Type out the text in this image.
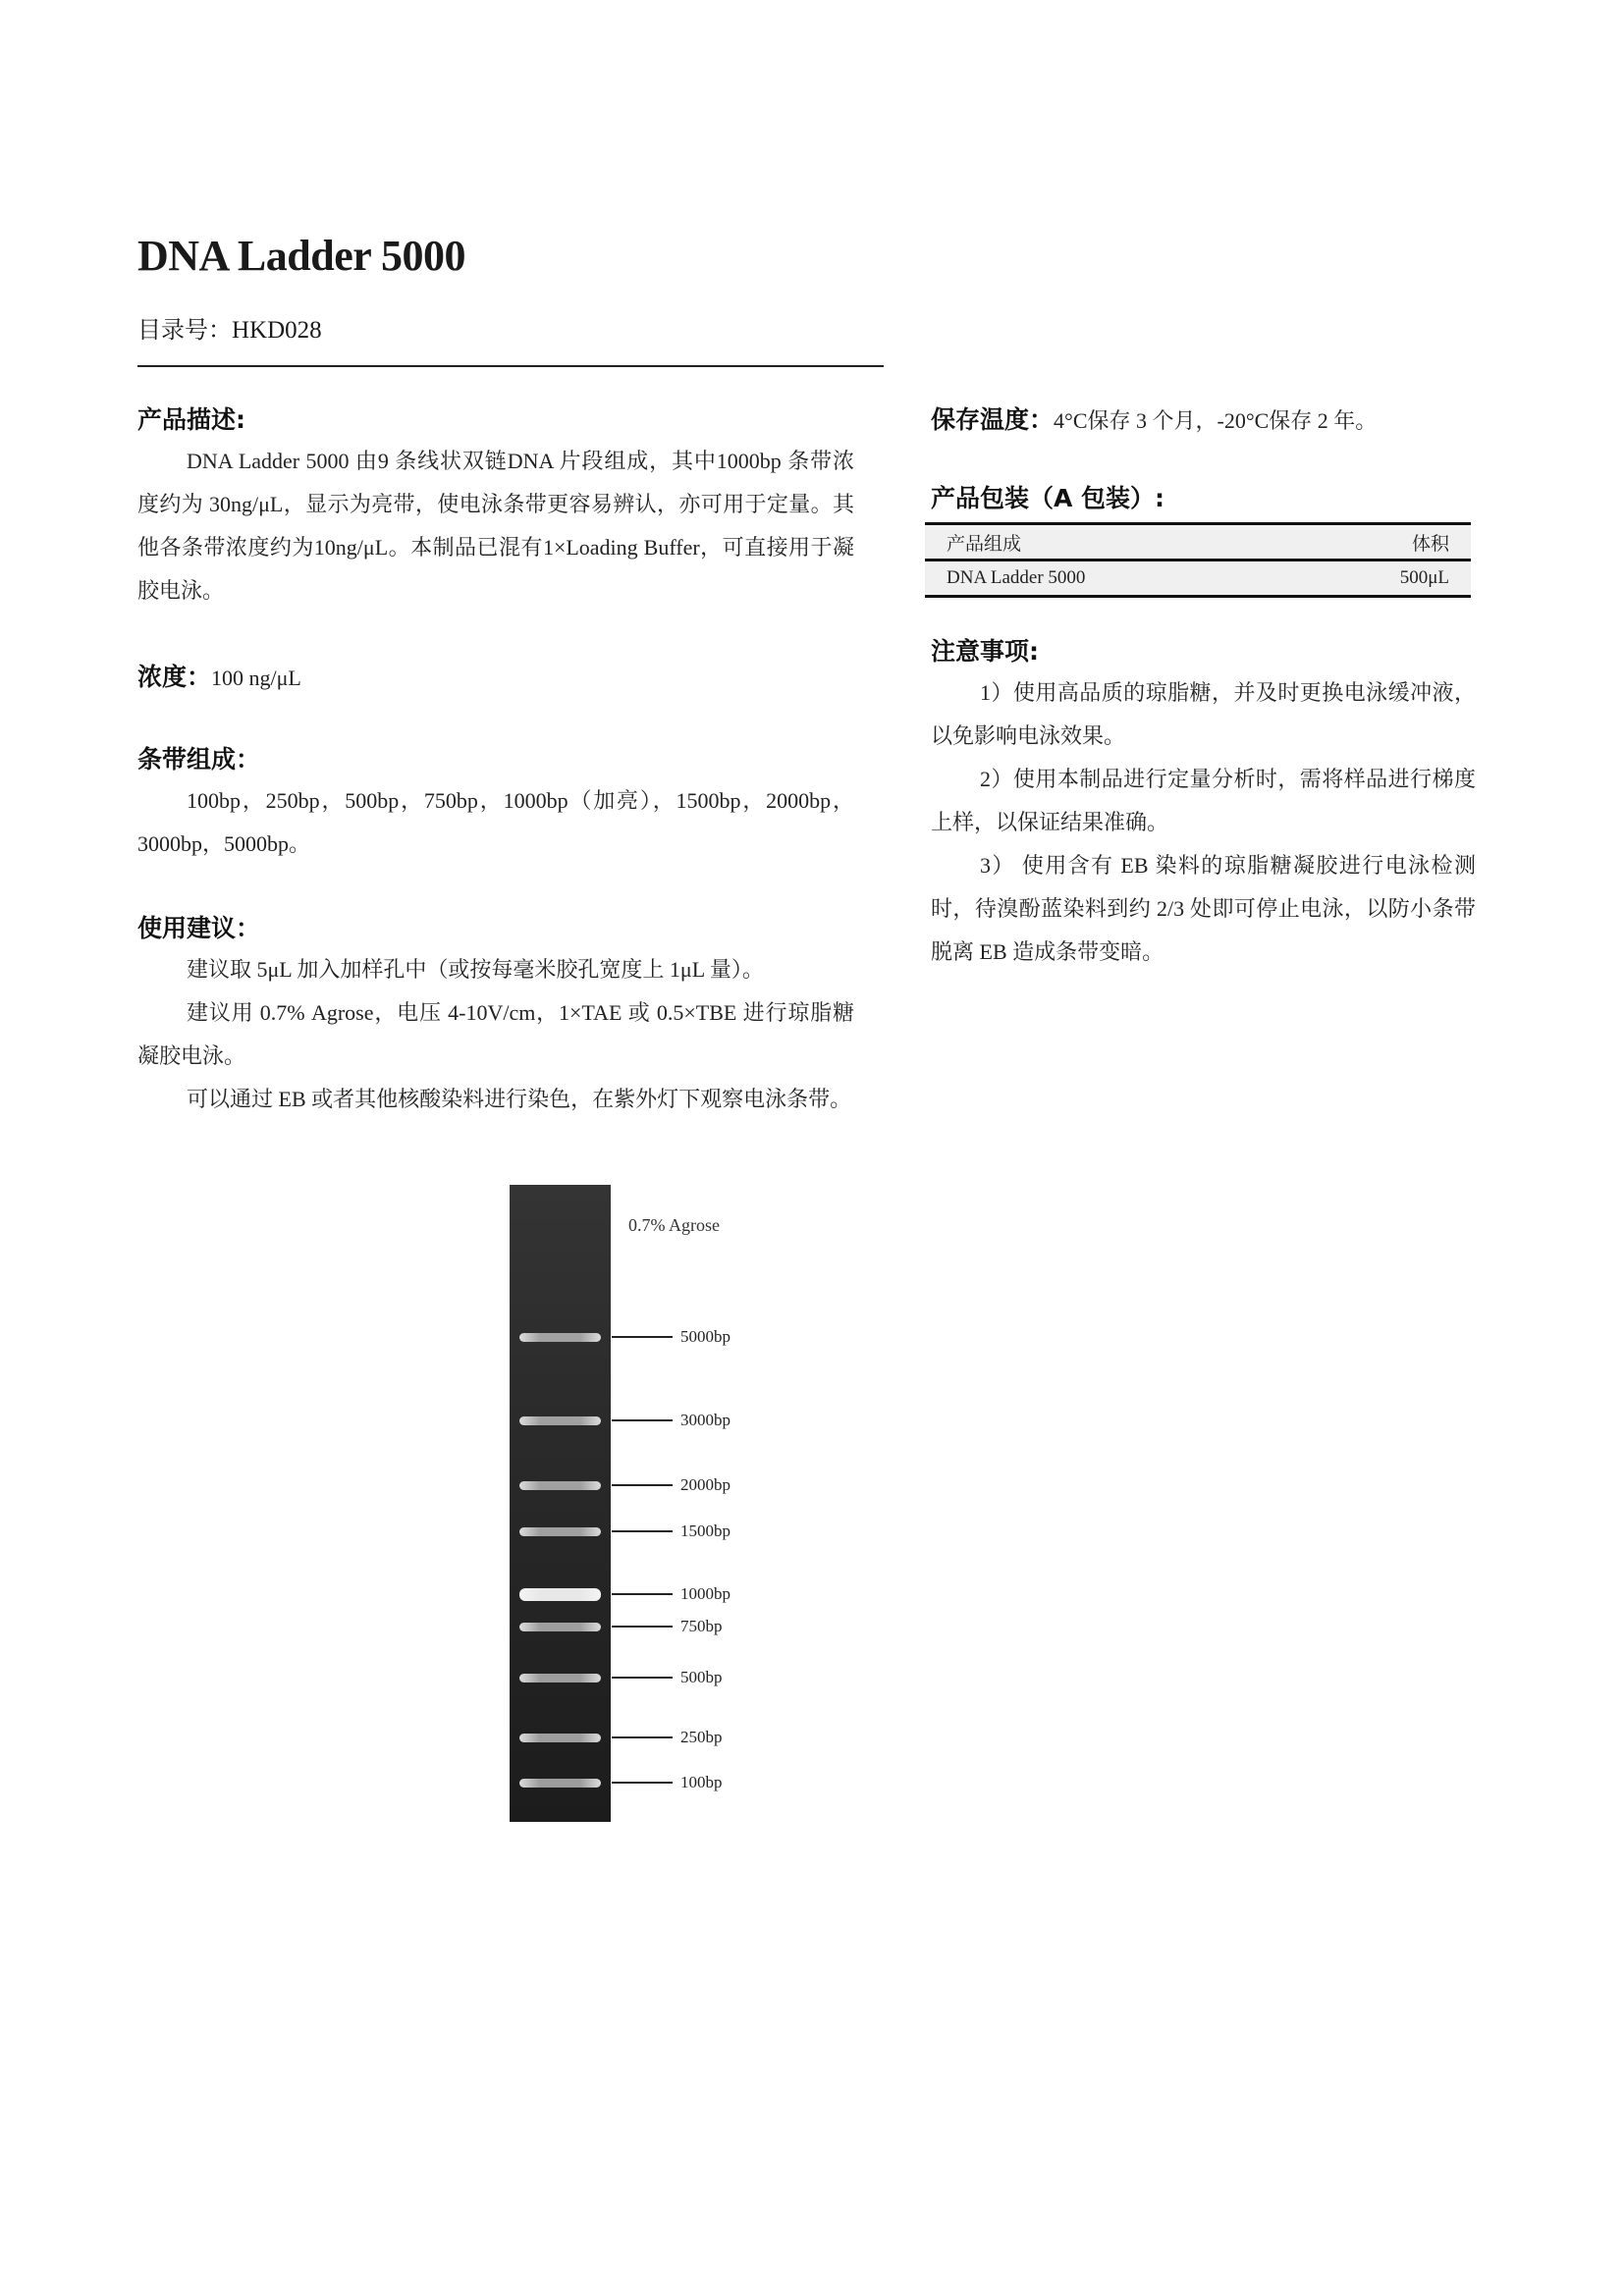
DNA Ladder 5000
目录号：HKD028
产品描述:
DNA Ladder 5000 由9 条线状双链DNA 片段组成，其中1000bp 条带浓度约为 30ng/μL，显示为亮带，使电泳条带更容易辨认，亦可用于定量。其他各条带浓度约为10ng/μL。本制品已混有1×Loading Buffer，可直接用于凝胶电泳。
浓度：100 ng/μL
条带组成：
100bp，250bp，500bp，750bp，1000bp（加亮），1500bp，2000bp，3000bp，5000bp。
使用建议：
建议取 5μL 加入加样孔中（或按每毫米胶孔宽度上 1μL 量）。
建议用 0.7% Agrose，电压 4-10V/cm，1×TAE 或 0.5×TBE 进行琼脂糖凝胶电泳。
可以通过 EB 或者其他核酸染料进行染色，在紫外灯下观察电泳条带。
保存温度：4°C保存 3 个月，-20°C保存 2 年。
产品包装（A 包装）:
产品组成	体积
DNA Ladder 5000	500μL
注意事项:
1）使用高品质的琼脂糖，并及时更换电泳缓冲液，以免影响电泳效果。
2）使用本制品进行定量分析时，需将样品进行梯度上样，以保证结果准确。
3） 使用含有 EB 染料的琼脂糖凝胶进行电泳检测时，待溴酚蓝染料到约 2/3 处即可停止电泳，以防小条带脱离 EB 造成条带变暗。
0.7% Agrose
5000bp
3000bp
2000bp
1500bp
1000bp
750bp
500bp
250bp
100bp
